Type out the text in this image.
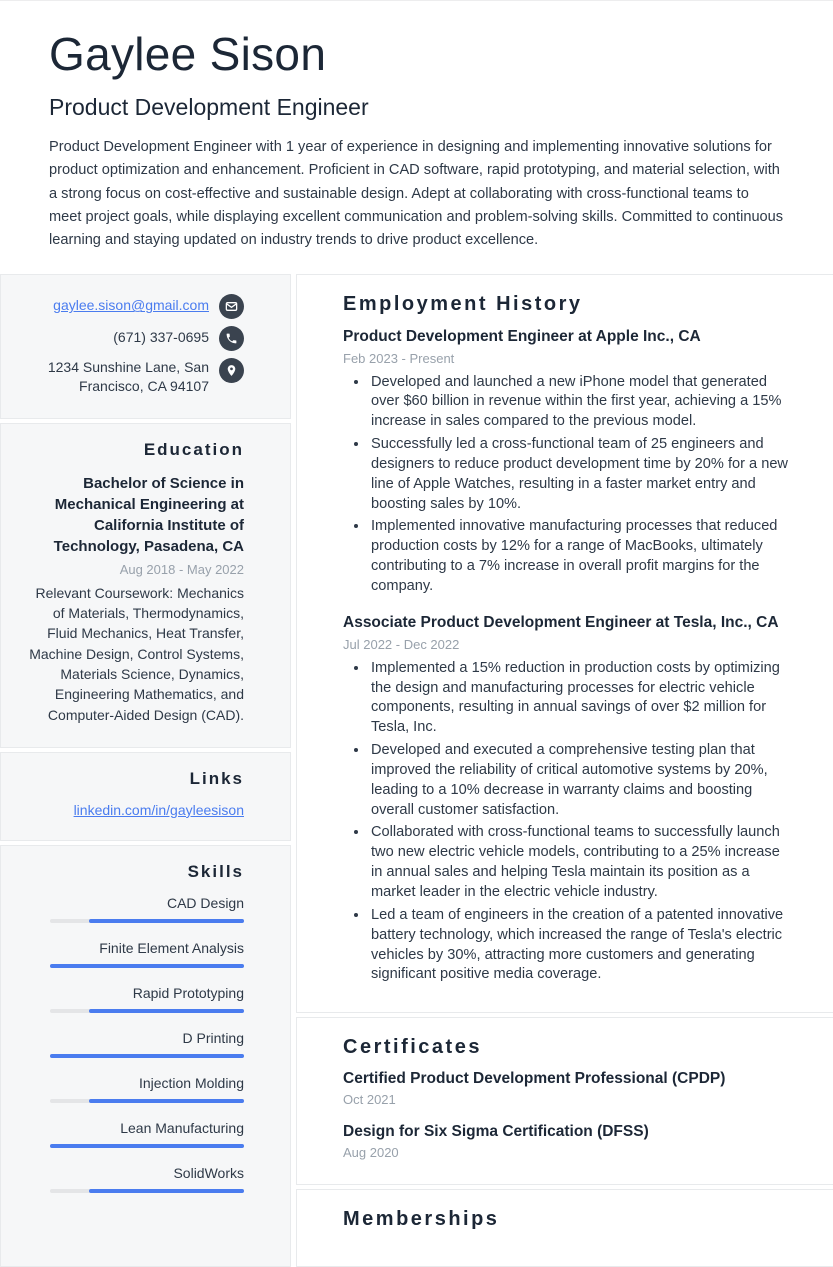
Gaylee Sison
Product Development Engineer
Product Development Engineer with 1 year of experience in designing and implementing innovative solutions for product optimization and enhancement. Proficient in CAD software, rapid prototyping, and material selection, with a strong focus on cost-effective and sustainable design. Adept at collaborating with cross-functional teams to meet project goals, while displaying excellent communication and problem-solving skills. Committed to continuous learning and staying updated on industry trends to drive product excellence.
gaylee.sison@gmail.com
(671) 337-0695
1234 Sunshine Lane, San Francisco, CA 94107
Education
Bachelor of Science in Mechanical Engineering at California Institute of Technology, Pasadena, CA
Aug 2018 - May 2022
Relevant Coursework: Mechanics of Materials, Thermodynamics, Fluid Mechanics, Heat Transfer, Machine Design, Control Systems, Materials Science, Dynamics, Engineering Mathematics, and Computer-Aided Design (CAD).
Links
linkedin.com/in/gayleesison
Skills
CAD Design
Finite Element Analysis
Rapid Prototyping
D Printing
Injection Molding
Lean Manufacturing
SolidWorks
Employment History
Product Development Engineer at Apple Inc., CA
Feb 2023 - Present
• Developed and launched a new iPhone model that generated over $60 billion in revenue within the first year, achieving a 15% increase in sales compared to the previous model.
• Successfully led a cross-functional team of 25 engineers and designers to reduce product development time by 20% for a new line of Apple Watches, resulting in a faster market entry and boosting sales by 10%.
• Implemented innovative manufacturing processes that reduced production costs by 12% for a range of MacBooks, ultimately contributing to a 7% increase in overall profit margins for the company.
Associate Product Development Engineer at Tesla, Inc., CA
Jul 2022 - Dec 2022
• Implemented a 15% reduction in production costs by optimizing the design and manufacturing processes for electric vehicle components, resulting in annual savings of over $2 million for Tesla, Inc.
• Developed and executed a comprehensive testing plan that improved the reliability of critical automotive systems by 20%, leading to a 10% decrease in warranty claims and boosting overall customer satisfaction.
• Collaborated with cross-functional teams to successfully launch two new electric vehicle models, contributing to a 25% increase in annual sales and helping Tesla maintain its position as a market leader in the electric vehicle industry.
• Led a team of engineers in the creation of a patented innovative battery technology, which increased the range of Tesla's electric vehicles by 30%, attracting more customers and generating significant positive media coverage.
Certificates
Certified Product Development Professional (CPDP)
Oct 2021
Design for Six Sigma Certification (DFSS)
Aug 2020
Memberships
